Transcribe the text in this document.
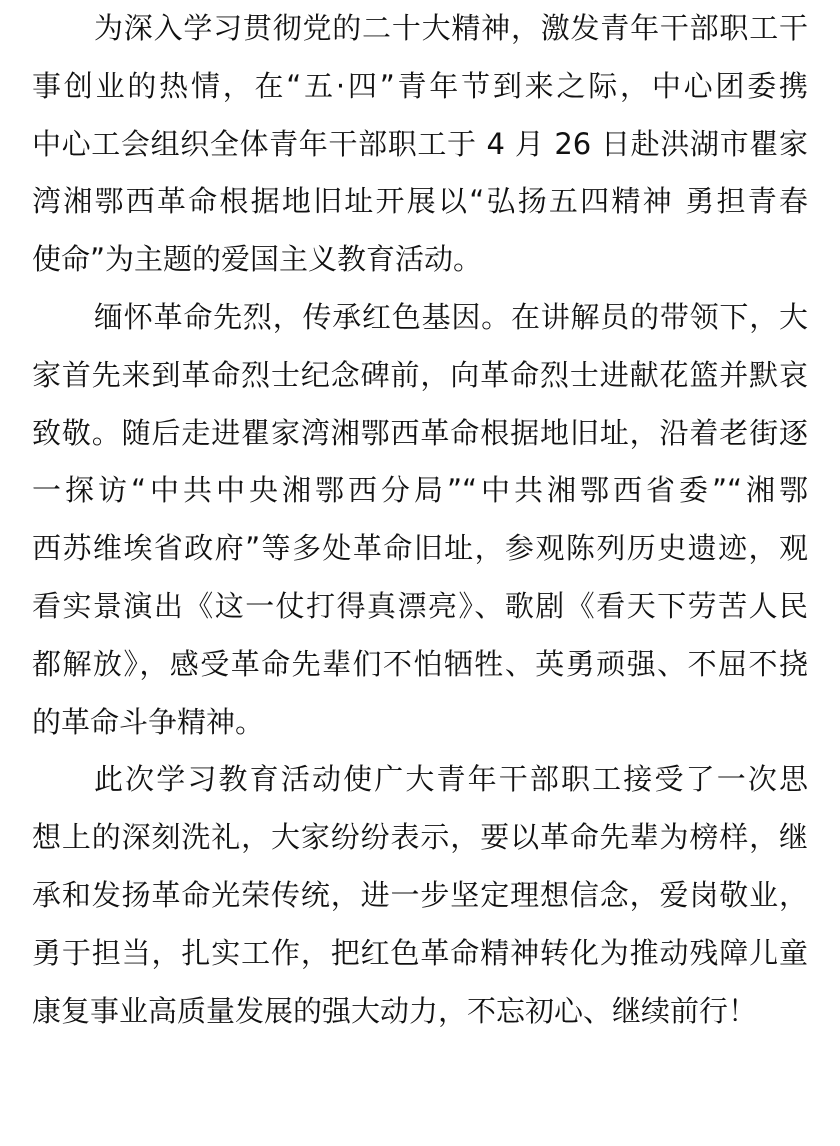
为深入学习贯彻党的二十大精神，激发青年干部职工干
事创业的热情，在“五·四”青年节到来之际，中心团委携
中心工会组织全体青年干部职工于 4 月 26 日赴洪湖市瞿家
湾湘鄂西革命根据地旧址开展以“弘扬五四精神 勇担青春
使命”为主题的爱国主义教育活动。
缅怀革命先烈，传承红色基因。在讲解员的带领下，大
家首先来到革命烈士纪念碑前，向革命烈士进献花篮并默哀
致敬。随后走进瞿家湾湘鄂西革命根据地旧址，沿着老街逐
一探访“中共中央湘鄂西分局”“中共湘鄂西省委”“湘鄂
西苏维埃省政府”等多处革命旧址，参观陈列历史遗迹，观
看实景演出《这一仗打得真漂亮》、歌剧《看天下劳苦人民
都解放》，感受革命先辈们不怕牺牲、英勇顽强、不屈不挠
的革命斗争精神。
此次学习教育活动使广大青年干部职工接受了一次思
想上的深刻洗礼，大家纷纷表示，要以革命先辈为榜样，继
承和发扬革命光荣传统，进一步坚定理想信念，爱岗敬业，
勇于担当，扎实工作，把红色革命精神转化为推动残障儿童
康复事业高质量发展的强大动力，不忘初心、继续前行！
